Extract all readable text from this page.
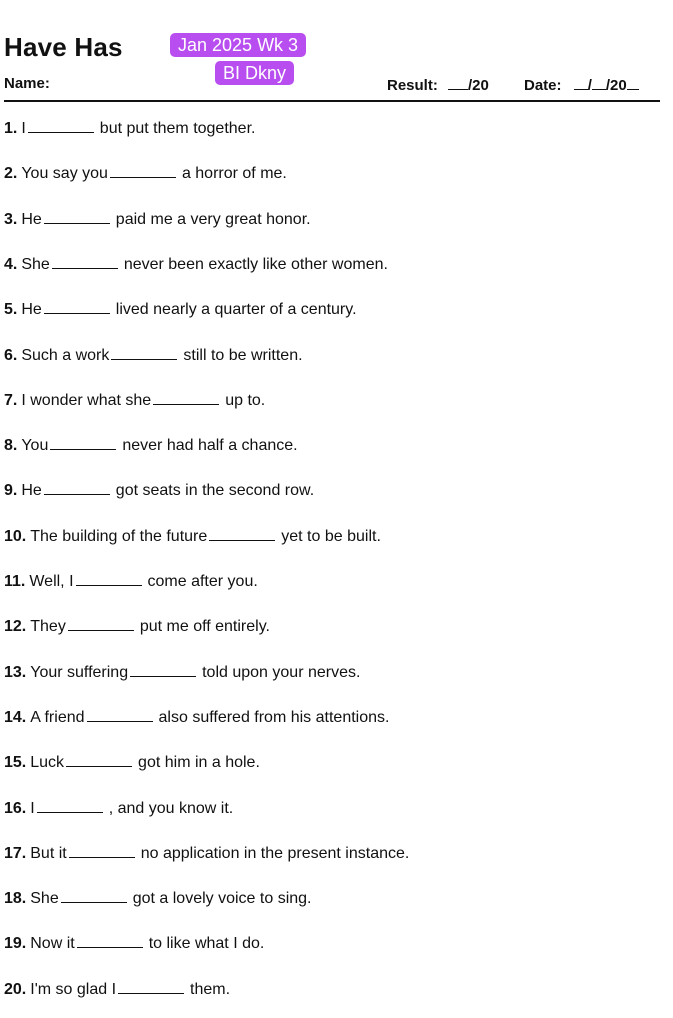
Have Has	Jan 2025 Wk 3
BI Dkny
Name:	Result: /20 Date: / /20
1. I	but put them together.
2. You say you	a horror of me.
3. He	paid me a very great honor.
4. She	never been exactly like other women.
5. He	lived nearly a quarter of a century.
6. Such a work	still to be written.
7. I wonder what she	up to.
8. You	never had half a chance.
9. He	got seats in the second row.
10. The building of the future	yet to be built.
11. Well, I	come after you.
12. They	put me off entirely.
13. Your suffering	told upon your nerves.
14. A friend	also suffered from his attentions.
15. Luck	got him in a hole.
16. I	, and you know it.
17. But it	no application in the present instance.
18. She	got a lovely voice to sing.
19. Now it	to like what I do.
20. I'm so glad I	them.
